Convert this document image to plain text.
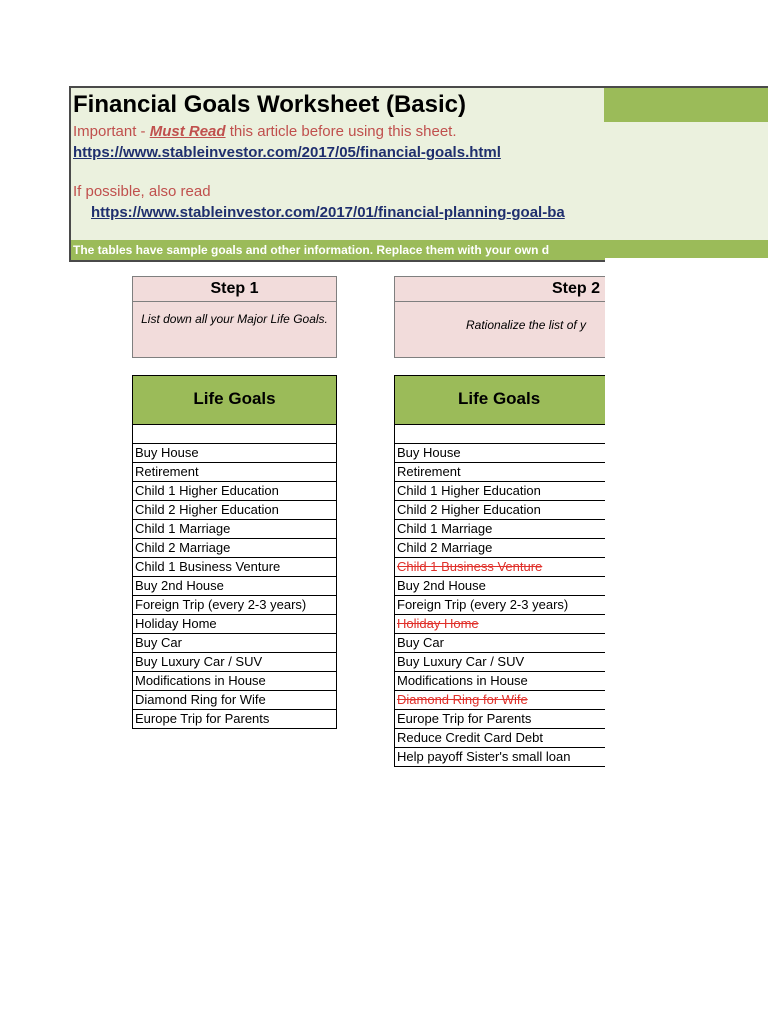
Financial Goals Worksheet (Basic)
Important - Must Read this article before using this sheet.
https://www.stableinvestor.com/2017/05/financial-goals.html
If possible, also read
https://www.stableinvestor.com/2017/01/financial-planning-goal-ba
The tables have sample goals and other information. Replace them with your own d
Step 1
List down all your Major Life Goals.
Step 2
Rationalize the list of y
Life Goals
Buy House
Retirement
Child 1 Higher Education
Child 2 Higher Education
Child 1 Marriage
Child 2 Marriage
Child 1 Business Venture
Buy 2nd House
Foreign Trip (every 2-3 years)
Holiday Home
Buy Car
Buy Luxury Car / SUV
Modifications in House
Diamond Ring for Wife
Europe Trip for Parents
Life Goals
Buy House
Retirement
Child 1 Higher Education
Child 2 Higher Education
Child 1 Marriage
Child 2 Marriage
Child 1 Business Venture
Buy 2nd House
Foreign Trip (every 2-3 years)
Holiday Home
Buy Car
Buy Luxury Car / SUV
Modifications in House
Diamond Ring for Wife
Europe Trip for Parents
Reduce Credit Card Debt
Help payoff Sister's small loan
